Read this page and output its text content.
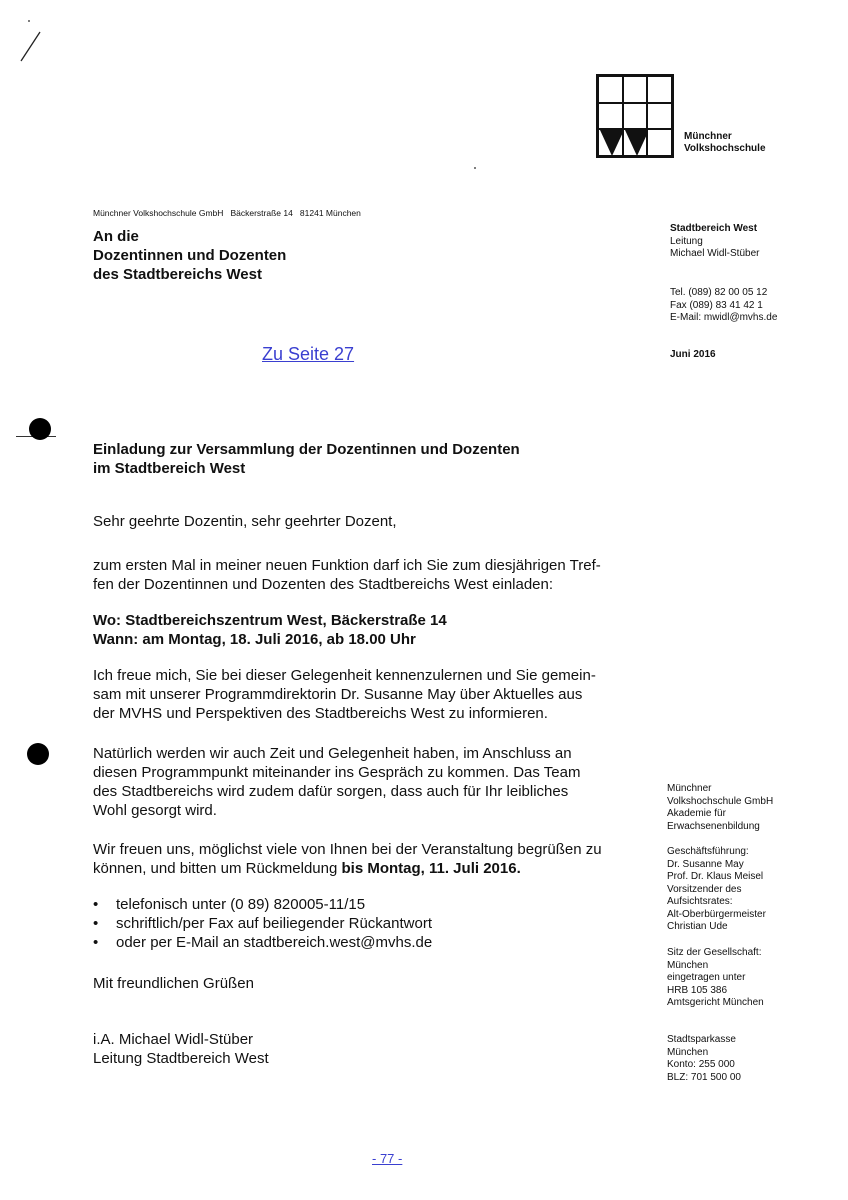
Münchner
Volkshochschule
Münchner Volkshochschule GmbH   Bäckerstraße 14   81241 München
An die
Dozentinnen und Dozenten
des Stadtbereichs West
Stadtbereich West
Leitung
Michael Widl-Stüber
Tel. (089) 82 00 05 12
Fax (089) 83 41 42 1
E-Mail: mwidl@mvhs.de
Juni 2016
Zu Seite 27
Einladung zur Versammlung der Dozentinnen und Dozenten
im Stadtbereich West
Sehr geehrte Dozentin, sehr geehrter Dozent,
zum ersten Mal in meiner neuen Funktion darf ich Sie zum diesjährigen Tref-
fen der Dozentinnen und Dozenten des Stadtbereichs West einladen:
Wo: Stadtbereichszentrum West, Bäckerstraße 14
Wann: am Montag, 18. Juli 2016, ab 18.00 Uhr
Ich freue mich, Sie bei dieser Gelegenheit kennenzulernen und Sie gemein-
sam mit unserer Programmdirektorin Dr. Susanne May über Aktuelles aus
der MVHS und Perspektiven des Stadtbereichs West zu informieren.
Natürlich werden wir auch Zeit und Gelegenheit haben, im Anschluss an
diesen Programmpunkt miteinander ins Gespräch zu kommen. Das Team
des Stadtbereichs wird zudem dafür sorgen, dass auch für Ihr leibliches
Wohl gesorgt wird.
Wir freuen uns, möglichst viele von Ihnen bei der Veranstaltung begrüßen zu
können, und bitten um Rückmeldung bis Montag, 11. Juli 2016.
• telefonisch unter (0 89) 820005-11/15
• schriftlich/per Fax auf beiliegender Rückantwort
• oder per E-Mail an stadtbereich.west@mvhs.de
Mit freundlichen Grüßen
i.A. Michael Widl-Stüber
Leitung Stadtbereich West
Münchner
Volkshochschule GmbH
Akademie für
Erwachsenenbildung
Geschäftsführung:
Dr. Susanne May
Prof. Dr. Klaus Meisel
Vorsitzender des
Aufsichtsrates:
Alt-Oberbürgermeister
Christian Ude
Sitz der Gesellschaft:
München
eingetragen unter
HRB 105 386
Amtsgericht München
Stadtsparkasse
München
Konto: 255 000
BLZ: 701 500 00
- 77 -
